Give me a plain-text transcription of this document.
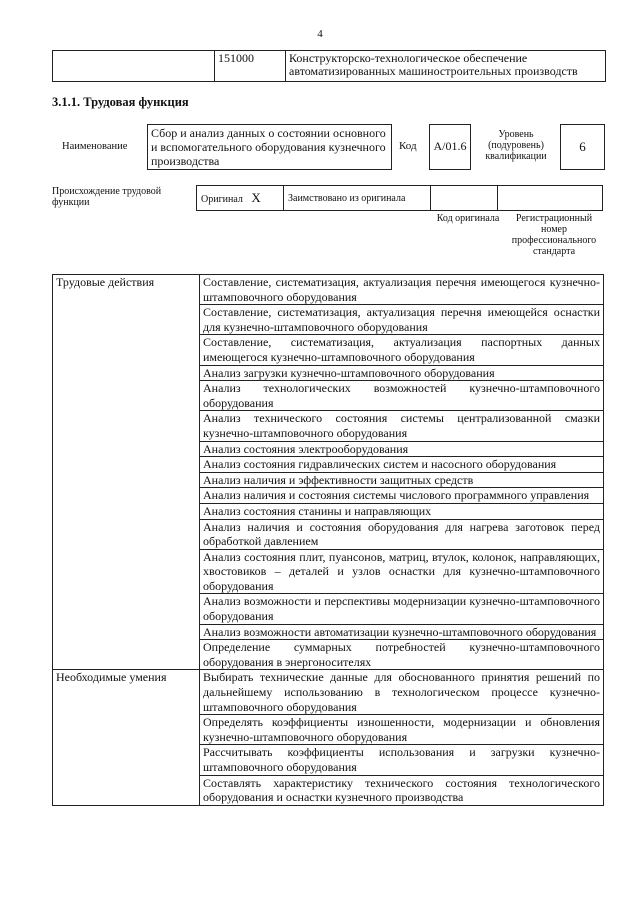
4
	151000	Конструкторско-технологическое обеспечение автоматизированных машиностроительных производств
3.1.1. Трудовая функция
Наименование
Сбор и анализ данных о состоянии основного и вспомогательного оборудования кузнечного производства
Код	A/01.6
Уровень (подуровень) квалификации
6
Происхождение трудовой функции	Оригинал X	Заимствовано из оригинала		
Код оригинала	Регистрационный номер профессионального стандарта
Трудовые действия	Составление, систематизация, актуализация перечня имеющегося кузнечно-штамповочного оборудования
	Составление, систематизация, актуализация перечня имеющейся оснастки для кузнечно-штамповочного оборудования
	Составление, систематизация, актуализация паспортных данных имеющегося кузнечно-штамповочного оборудования
	Анализ загрузки кузнечно-штамповочного оборудования
	Анализ технологических возможностей кузнечно-штамповочного оборудования
	Анализ технического состояния системы централизованной смазки кузнечно-штамповочного оборудования
	Анализ состояния электрооборудования
	Анализ состояния гидравлических систем и насосного оборудования
	Анализ наличия и эффективности защитных средств
	Анализ наличия и состояния системы числового программного управления
	Анализ состояния станины и направляющих
	Анализ наличия и состояния оборудования для нагрева заготовок перед обработкой давлением
	Анализ состояния плит, пуансонов, матриц, втулок, колонок, направляющих, хвостовиков – деталей и узлов оснастки для кузнечно-штамповочного оборудования
	Анализ возможности и перспективы модернизации кузнечно-штамповочного оборудования
	Анализ возможности автоматизации кузнечно-штамповочного оборудования
	Определение суммарных потребностей кузнечно-штамповочного оборудования в энергоносителях
Необходимые умения	Выбирать технические данные для обоснованного принятия решений по дальнейшему использованию в технологическом процессе кузнечно-штамповочного оборудования
	Определять коэффициенты изношенности, модернизации и обновления кузнечно-штамповочного оборудования
	Рассчитывать коэффициенты использования и загрузки кузнечно-штамповочного оборудования
	Составлять характеристику технического состояния технологического оборудования и оснастки кузнечного производства
